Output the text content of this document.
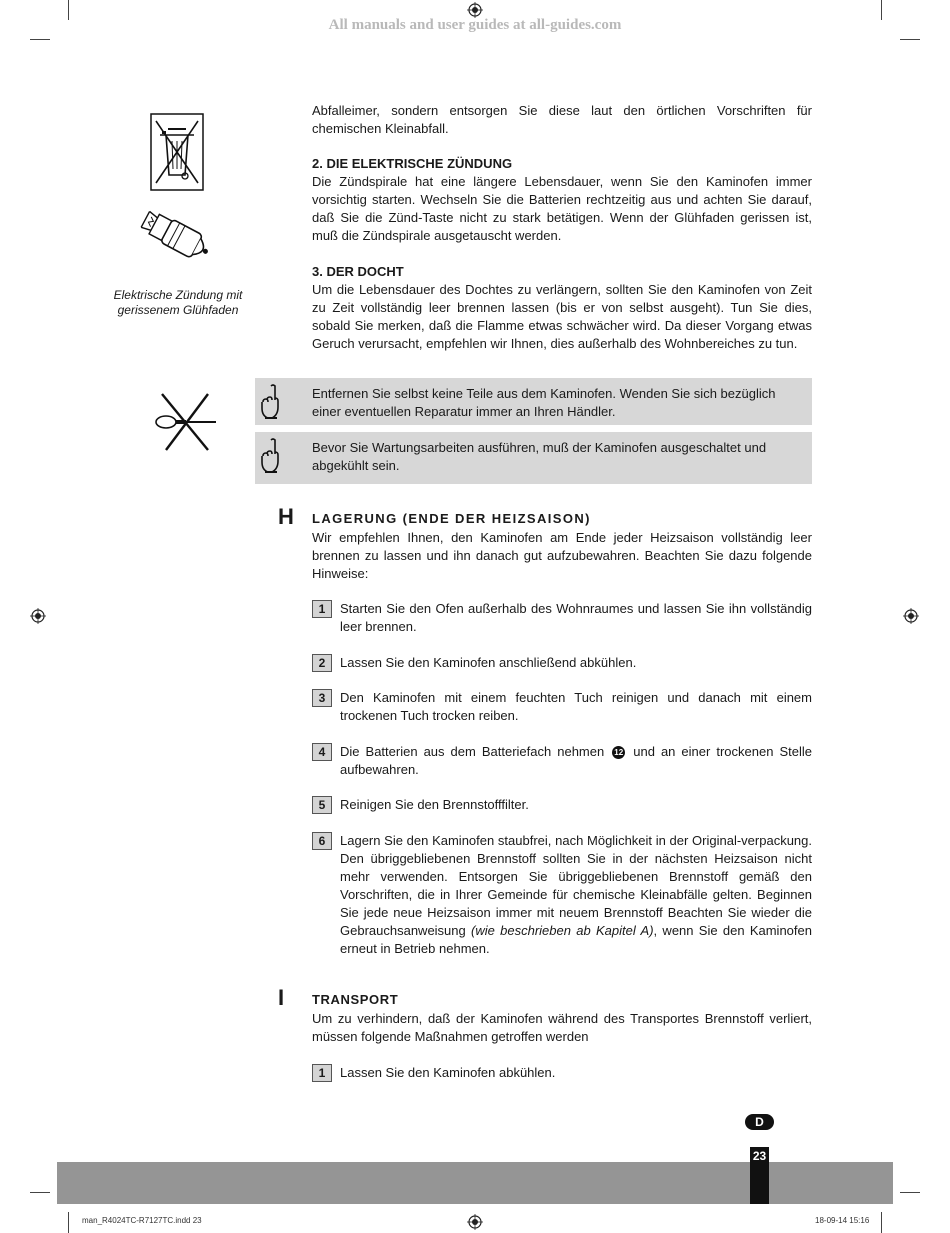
All manuals and user guides at all-guides.com
Elektrische Zündung mit
gerissenem Glühfaden
Abfalleimer, sondern entsorgen Sie diese laut den örtlichen Vorschriften für chemischen Kleinabfall.
2. DIE ELEKTRISCHE ZÜNDUNG
Die Zündspirale hat eine längere Lebensdauer, wenn Sie den Kaminofen immer vorsichtig starten. Wechseln Sie die Batterien rechtzeitig aus und achten Sie darauf, daß Sie die Zünd-Taste nicht zu stark betätigen. Wenn der Glühfaden gerissen ist, muß die Zündspirale ausgetauscht werden.
3. DER DOCHT
Um die Lebensdauer des Dochtes zu verlängern, sollten Sie den Kaminofen von Zeit zu Zeit vollständig leer brennen lassen (bis er von selbst ausgeht). Tun Sie dies, sobald Sie merken, daß die Flamme etwas schwächer wird. Da dieser Vorgang etwas Geruch verursacht, empfehlen wir Ihnen, dies außerhalb des Wohnbereiches zu tun.
Entfernen Sie selbst keine Teile aus dem Kaminofen. Wenden Sie sich bezüglich einer eventuellen Reparatur immer an Ihren Händler.
Bevor Sie Wartungsarbeiten ausführen, muß der Kaminofen ausgeschaltet und abgekühlt sein.
H LAGERUNG (ENDE DER HEIZSAISON)
Wir empfehlen Ihnen, den Kaminofen am Ende jeder Heizsaison vollständig leer brennen zu lassen und ihn danach gut aufzubewahren. Beachten Sie dazu folgende Hinweise:
1	Starten Sie den Ofen außerhalb des Wohnraumes und lassen Sie ihn vollständig leer brennen.
2	Lassen Sie den Kaminofen anschließend abkühlen.
3	Den Kaminofen mit einem feuchten Tuch reinigen und danach mit einem trockenen Tuch trocken reiben.
4	Die Batterien aus dem Batteriefach nehmen 12 und an einer trockenen Stelle aufbewahren.
5	Reinigen Sie den Brennstofffilter.
6	Lagern Sie den Kaminofen staubfrei, nach Möglichkeit in der Original-verpackung. Den übriggebliebenen Brennstoff sollten Sie in der nächsten Heizsaison nicht mehr verwenden. Entsorgen Sie übriggebliebenen Brennstoff gemäß den Vorschriften, die in Ihrer Gemeinde für chemische Kleinabfälle gelten. Beginnen Sie jede neue Heizsaison immer mit neuem Brennstoff Beachten Sie wieder die Gebrauchsanweisung (wie beschrieben ab Kapitel A), wenn Sie den Kaminofen erneut in Betrieb nehmen.
I TRANSPORT
Um zu verhindern, daß der Kaminofen während des Transportes Brennstoff verliert, müssen folgende Maßnahmen getroffen werden
1	Lassen Sie den Kaminofen abkühlen.
D
23
man_R4024TC-R7127TC.indd 23	18-09-14 15:16
